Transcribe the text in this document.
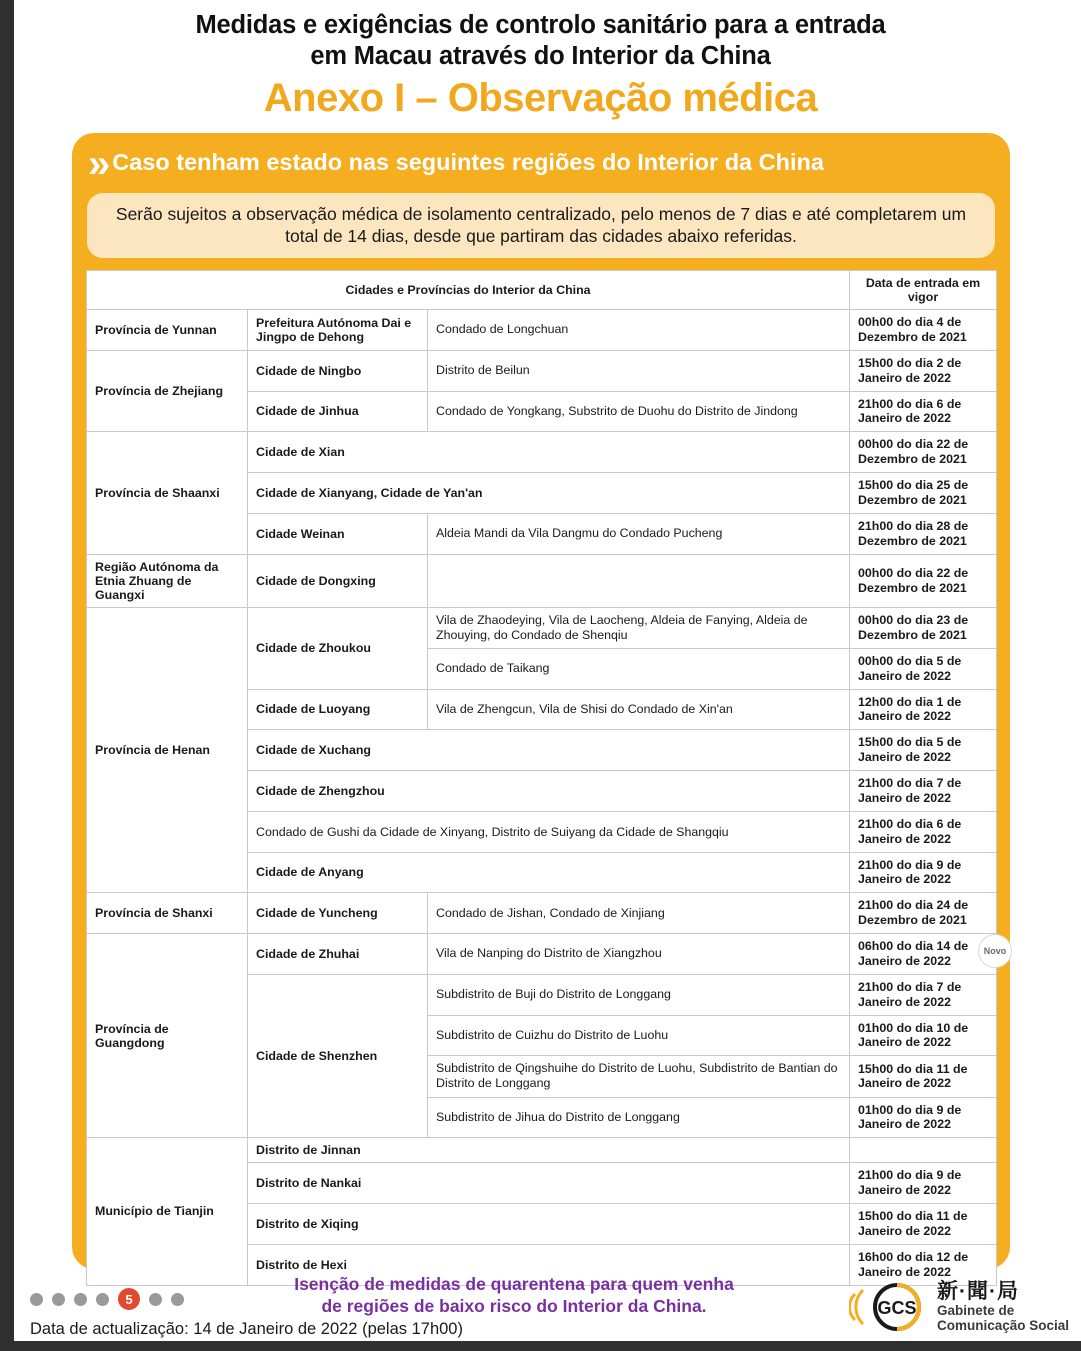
Medidas e exigências de controlo sanitário para a entrada
em Macau através do Interior da China
Anexo I – Observação médica
» Caso tenham estado nas seguintes regiões do Interior da China
Serão sujeitos a observação médica de isolamento centralizado, pelo menos de 7 dias e até completarem um total de 14 dias, desde que partiram das cidades abaixo referidas.
Cidades e Províncias do Interior da China			Data de entrada em vigor
Província de Yunnan	Prefeitura Autónoma Dai e Jingpo de Dehong	Condado de Longchuan	00h00 do dia 4 de Dezembro de 2021
Província de Zhejiang	Cidade de Ningbo	Distrito de Beilun	15h00 do dia 2 de Janeiro de 2022
	Cidade de Jinhua	Condado de Yongkang, Substrito de Duohu do Distrito de Jindong	21h00 do dia 6 de Janeiro de 2022
Província de Shaanxi	Cidade de Xian		00h00 do dia 22 de Dezembro de 2021
	Cidade de Xianyang, Cidade de Yan'an		15h00 do dia 25 de Dezembro de 2021
	Cidade Weinan	Aldeia Mandi da Vila Dangmu do Condado Pucheng	21h00 do dia 28 de Dezembro de 2021
Região Autónoma da Etnia Zhuang de Guangxi	Cidade de Dongxing		00h00 do dia 22 de Dezembro de 2021
Província de Henan	Cidade de Zhoukou	Vila de Zhaodeying, Vila de Laocheng, Aldeia de Fanying, Aldeia de Zhouying, do Condado de Shenqiu	00h00 do dia 23 de Dezembro de 2021
		Condado de Taikang	00h00 do dia 5 de Janeiro de 2022
	Cidade de Luoyang	Vila de Zhengcun, Vila de Shisi do Condado de Xin'an	12h00 do dia 1 de Janeiro de 2022
	Cidade de Xuchang		15h00 do dia 5 de Janeiro de 2022
	Cidade de Zhengzhou		21h00 do dia 7 de Janeiro de 2022
	Condado de Gushi da Cidade de Xinyang, Distrito de Suiyang da Cidade de Shangqiu		21h00 do dia 6 de Janeiro de 2022
	Cidade de Anyang		21h00 do dia 9 de Janeiro de 2022
Província de Shanxi	Cidade de Yuncheng	Condado de Jishan, Condado de Xinjiang	21h00 do dia 24 de Dezembro de 2021
Província de Guangdong	Cidade de Zhuhai	Vila de Nanping do Distrito de Xiangzhou	06h00 do dia 14 de Janeiro de 2022
Novo

	Cidade de Shenzhen	Subdistrito de Buji do Distrito de Longgang	21h00 do dia 7 de Janeiro de 2022
		Subdistrito de Cuizhu do Distrito de Luohu	01h00 do dia 10 de Janeiro de 2022
		Subdistrito de Qingshuihe do Distrito de Luohu, Subdistrito de Bantian do Distrito de Longgang	15h00 do dia 11 de Janeiro de 2022
		Subdistrito de Jihua do Distrito de Longgang	01h00 do dia 9 de Janeiro de 2022
Município de Tianjin	Distrito de Jinnan		
	Distrito de Nankai		21h00 do dia 9 de Janeiro de 2022
	Distrito de Xiqing		15h00 do dia 11 de Janeiro de 2022
	Distrito de Hexi		16h00 do dia 12 de Janeiro de 2022
Isenção de medidas de quarentena para quem venha
de regiões de baixo risco do Interior da China.
5
Data de actualização: 14 de Janeiro de 2022 (pelas 17h00)
GCS
新·聞·局
Gabinete de
Comunicação Social
